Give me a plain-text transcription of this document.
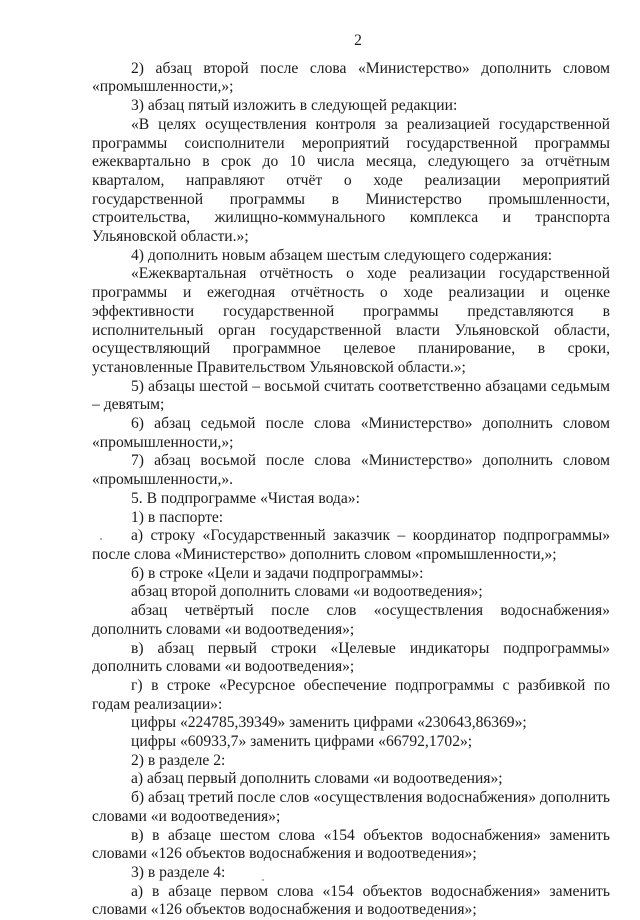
2

2) абзац второй после слова «Министерство» дополнить словом «промышленности,»;

3) абзац пятый изложить в следующей редакции:

«В целях осуществления контроля за реализацией государственной программы соисполнители мероприятий государственной программы ежеквартально в срок до 10 числа месяца, следующего за отчётным кварталом, направляют отчёт о ходе реализации мероприятий государственной программы в Министерство промышленности, строительства, жилищно-коммунального комплекса и транспорта Ульяновской области.»;

4) дополнить новым абзацем шестым следующего содержания:

«Ежеквартальная отчётность о ходе реализации государственной программы и ежегодная отчётность о ходе реализации и оценке эффективности государственной программы представляются в исполнительный орган государственной власти Ульяновской области, осуществляющий программное целевое планирование, в сроки, установленные Правительством Ульяновской области.»;

5) абзацы шестой – восьмой считать соответственно абзацами седьмым – девятым;

6) абзац седьмой после слова «Министерство» дополнить словом «промышленности,»;

7) абзац восьмой после слова «Министерство» дополнить словом «промышленности,».

5. В подпрограмме «Чистая вода»:

1) в паспорте:

а) строку «Государственный заказчик – координатор подпрограммы» после слова «Министерство» дополнить словом «промышленности,»;

б) в строке «Цели и задачи подпрограммы»:

абзац второй дополнить словами «и водоотведения»;

абзац четвёртый после слов «осуществления водоснабжения» дополнить словами «и водоотведения»;

в) абзац первый строки «Целевые индикаторы подпрограммы» дополнить словами «и водоотведения»;

г) в строке «Ресурсное обеспечение подпрограммы с разбивкой по годам реализации»:

цифры «224785,39349» заменить цифрами «230643,86369»;

цифры «60933,7» заменить цифрами «66792,1702»;

2) в разделе 2:

а) абзац первый дополнить словами «и водоотведения»;

б) абзац третий после слов «осуществления водоснабжения» дополнить словами «и водоотведения»;

в) в абзаце шестом слова «154 объектов водоснабжения» заменить словами «126 объектов водоснабжения и водоотведения»;

3) в разделе 4:

а) в абзаце первом слова «154 объектов водоснабжения» заменить словами «126 объектов водоснабжения и водоотведения»;
